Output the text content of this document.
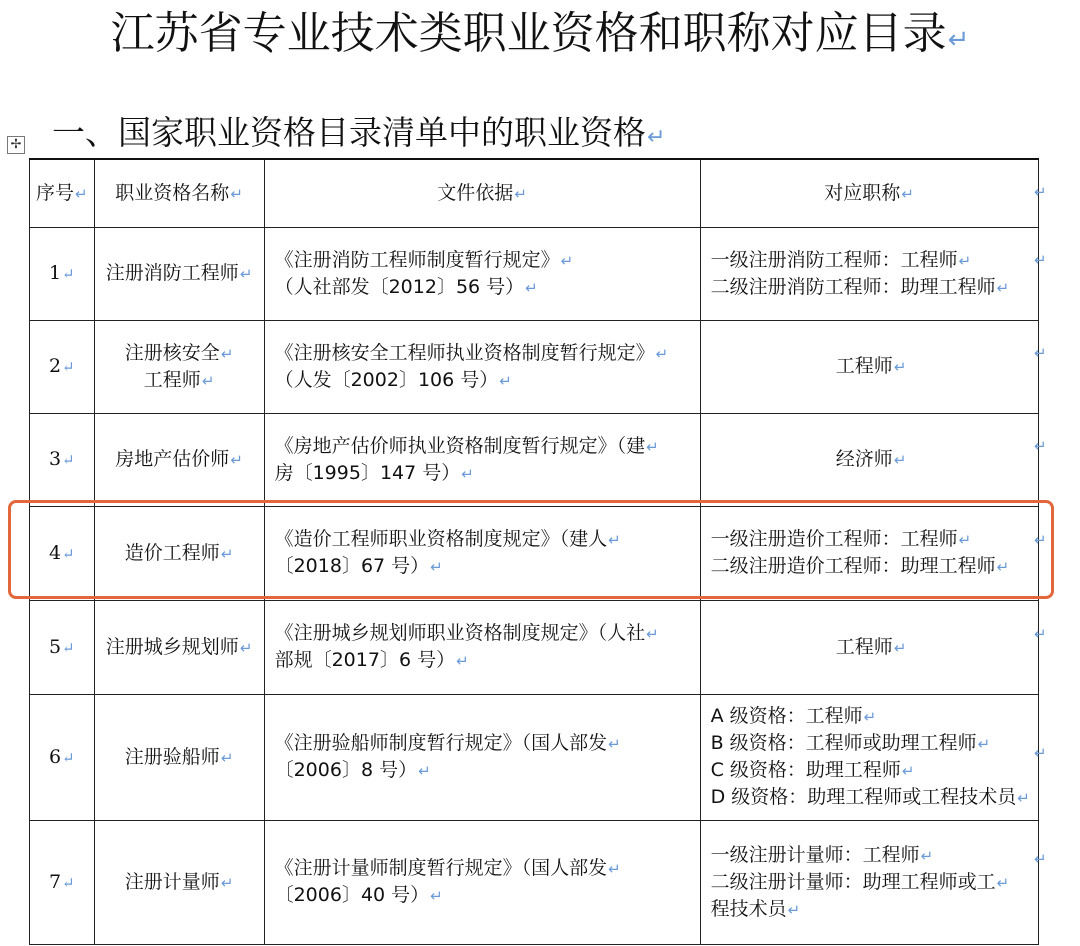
江苏省专业技术类职业资格和职称对应目录↵
✢ 一、国家职业资格目录清单中的职业资格↵
序号↵	职业资格名称↵	文件依据↵	对应职称↵
1↵	注册消防工程师↵	《注册消防工程师制度暂行规定》↵
（人社部发〔2012〕56 号）↵	一级注册消防工程师：工程师↵
二级注册消防工程师：助理工程师↵

2↵	注册核安全↵
工程师↵	《注册核安全工程师执业资格制度暂行规定》↵
（人发〔2002〕106 号）↵	工程师↵

3↵	房地产估价师↵	《房地产估价师执业资格制度暂行规定》（建↵
房〔1995〕147 号）↵	经济师↵

4↵	造价工程师↵	《造价工程师职业资格制度规定》（建人↵
〔2018〕67 号）↵	一级注册造价工程师：工程师↵
二级注册造价工程师：助理工程师↵

5↵	注册城乡规划师↵	《注册城乡规划师职业资格制度规定》（人社↵
部规〔2017〕6 号）↵	工程师↵

6↵	注册验船师↵	《注册验船师制度暂行规定》（国人部发↵
〔2006〕8 号）↵	A 级资格：工程师↵
B 级资格：工程师或助理工程师↵
C 级资格：助理工程师↵
D 级资格：助理工程师或工程技术员↵

7↵	注册计量师↵	《注册计量师制度暂行规定》（国人部发↵
〔2006〕40 号）↵	一级注册计量师：工程师↵
二级注册计量师：助理工程师或工↵
程技术员↵
↵
↵
↵
↵
↵
↵
↵
↵
